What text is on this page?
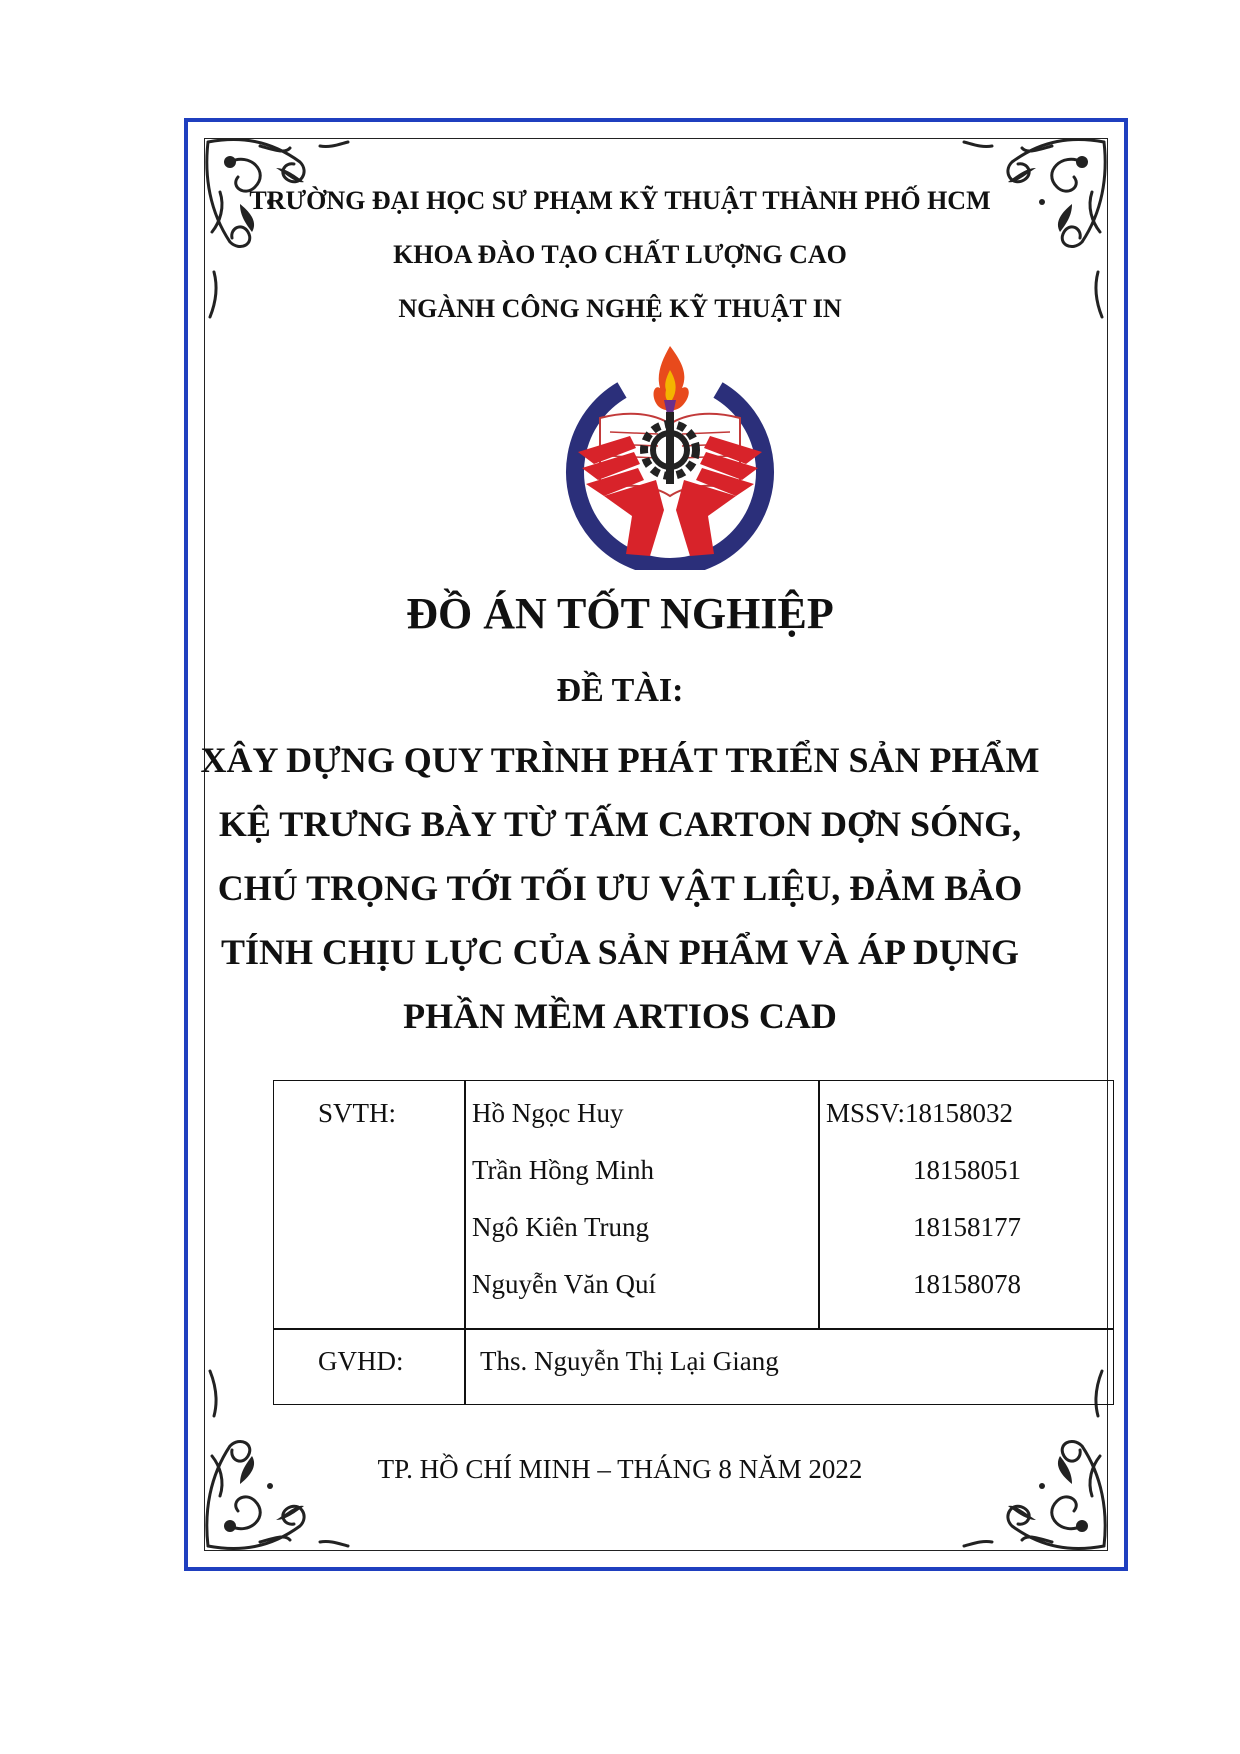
TRƯỜNG ĐẠI HỌC SƯ PHẠM KỸ THUẬT THÀNH PHỐ HCM
KHOA ĐÀO TẠO CHẤT LƯỢNG CAO
NGÀNH CÔNG NGHỆ KỸ THUẬT IN
ĐỒ ÁN TỐT NGHIỆP
ĐỀ TÀI:
XÂY DỰNG QUY TRÌNH PHÁT TRIỂN SẢN PHẨM
KỆ TRƯNG BÀY TỪ TẤM CARTON DỢN SÓNG,
CHÚ TRỌNG TỚI TỐI ƯU VẬT LIỆU, ĐẢM BẢO
TÍNH CHỊU LỰC CỦA SẢN PHẨM VÀ ÁP DỤNG
PHẦN MỀM ARTIOS CAD
SVTH:	Hồ Ngọc Huy
Trần Hồng Minh
Ngô Kiên Trung
Nguyễn Văn Quí
MSSV:18158032
18158051
18158177
18158078
GVHD:	Ths. Nguyễn Thị Lại Giang
TP. HỒ CHÍ MINH – THÁNG 8 NĂM 2022
